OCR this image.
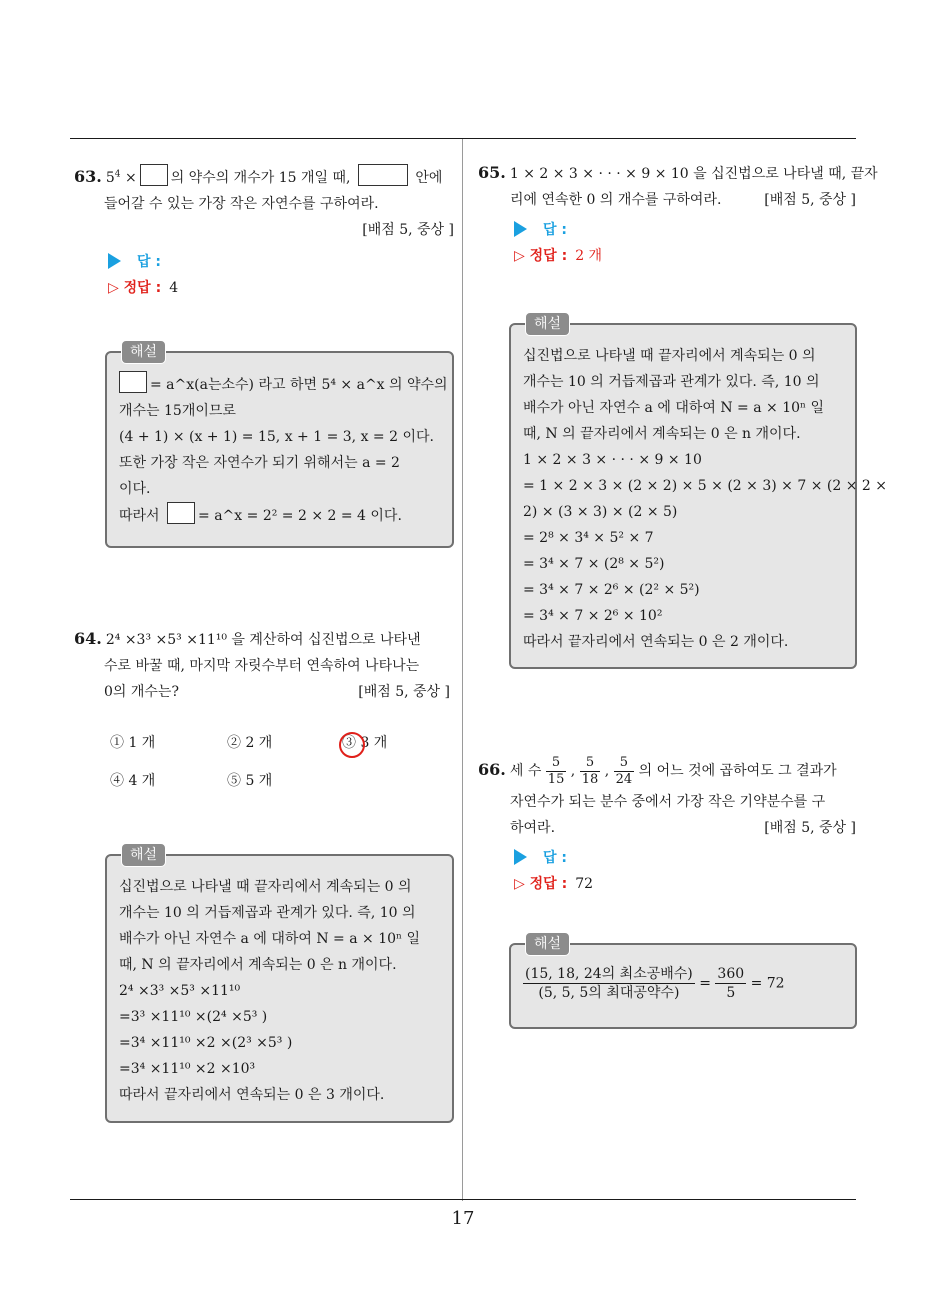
63. $5^4$ × 의 약수의 개수가 15 개일 때,	안에
들어갈 수 있는 가장 작은 자연수를 구하여라.
[배점 5, 중상 ]
답 :
▷ 정답 : 4
해설
= a^x(a는소수) 라고 하면 5⁴ × a^x 의 약수의
개수는 15개이므로
(4 + 1) × (x + 1) = 15, x + 1 = 3, x = 2 이다.
또한 가장 작은 자연수가 되기 위해서는 a = 2
이다.
따라서	= a^x = 2² = 2 × 2 = 4 이다.
64. 2⁴ ×3³ ×5³ ×11¹⁰ 을 계산하여 십진법으로 나타낸
수로 바꿀 때, 마지막 자릿수부터 연속하여 나타나는
0의 개수는?	[배점 5, 중상 ]
① 1 개	② 2 개	③ 3 개
④ 4 개	⑤ 5 개
해설
십진법으로 나타낼 때 끝자리에서 계속되는 0 의
개수는 10 의 거듭제곱과 관계가 있다. 즉, 10 의
배수가 아닌 자연수 a 에 대하여 N = a × 10ⁿ 일
때, N 의 끝자리에서 계속되는 0 은 n 개이다.
2⁴ ×3³ ×5³ ×11¹⁰
=3³ ×11¹⁰ ×(2⁴ ×5³ )
=3⁴ ×11¹⁰ ×2 ×(2³ ×5³ )
=3⁴ ×11¹⁰ ×2 ×10³
따라서 끝자리에서 연속되는 0 은 3 개이다.
65. 1 × 2 × 3 × · · · × 9 × 10 을 십진법으로 나타낼 때, 끝자
리에 연속한 0 의 개수를 구하여라.	[배점 5, 중상 ]
답 :
▷ 정답 : 2 개
해설
십진법으로 나타낼 때 끝자리에서 계속되는 0 의
개수는 10 의 거듭제곱과 관계가 있다. 즉, 10 의
배수가 아닌 자연수 a 에 대하여 N = a × 10ⁿ 일
때, N 의 끝자리에서 계속되는 0 은 n 개이다.
1 × 2 × 3 × · · · × 9 × 10
= 1 × 2 × 3 × (2 × 2) × 5 × (2 × 3) × 7 × (2 × 2 ×
2) × (3 × 3) × (2 × 5)
= 2⁸ × 3⁴ × 5² × 7
= 3⁴ × 7 × (2⁸ × 5²)
= 3⁴ × 7 × 2⁶ × (2² × 5²)
= 3⁴ × 7 × 2⁶ × 10²
따라서 끝자리에서 연속되는 0 은 2 개이다.
66. 세 수 $\frac{5}{15}$ , $\frac{5}{18}$ , $\frac{5}{24}$ 의 어느 것에 곱하여도 그 결과가
자연수가 되는 분수 중에서 가장 작은 기약분수를 구
하여라.	[배점 5, 중상 ]
답 :
▷ 정답 : 72
해설
$\frac{\text{(15, 18, 24의 최소공배수)}}{\text{(5, 5, 5의 최대공약수)}} = \frac{360}{5} = 72$
17
